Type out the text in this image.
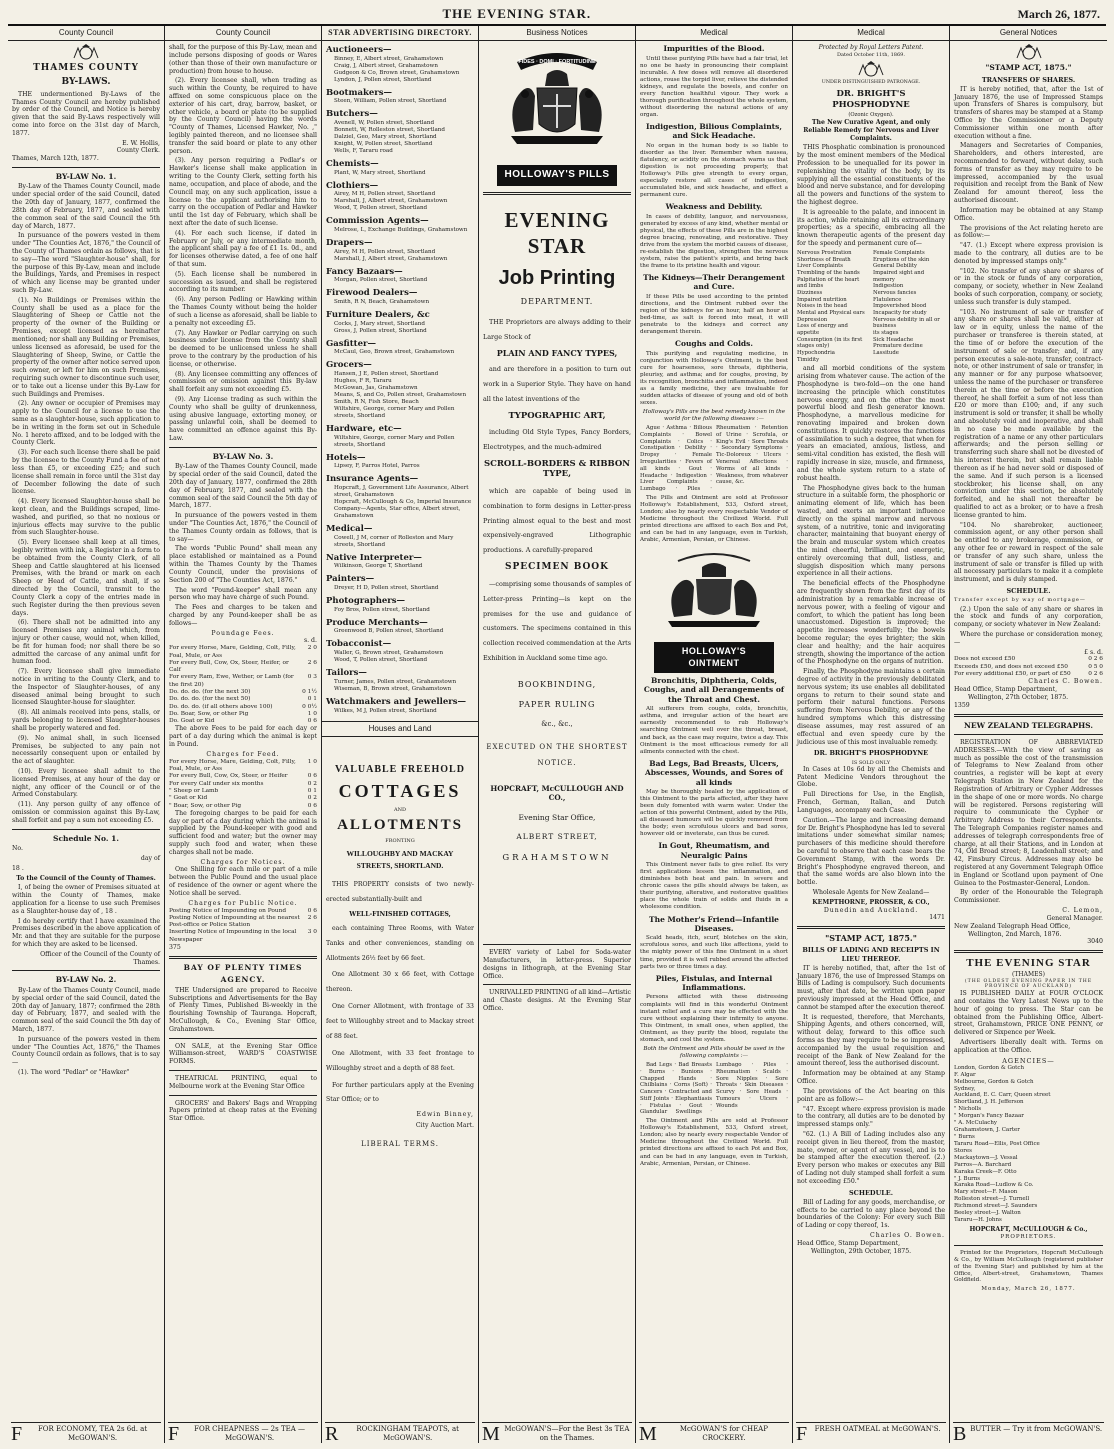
THE EVENING STAR.	March 26, 1877.
County Council
THAMES COUNTY
BY-LAWS.

THE undermentioned By-Laws of the Thames County Council are hereby published by order of the Council, and Notice is hereby given that the said By-Laws respectively will come into force on the 31st day of March, 1877.

E. W. Hollis,
County Clerk.

Thames, March 12th, 1877.

BY-LAW No. 1.

By-Law of the Thames County Council, made under special order of the said Council, dated the 20th day of January, 1877, confirmed the 28th day of February, 1877, and sealed with the common seal of the said Council the 5th day of March, 1877.

In pursuance of the powers vested in them under "The Counties Act, 1876," the Council of the County of Thames ordain as follows, that is to say—The word "Slaughter-house" shall, for the purpose of this By-Law, mean and include the Buildings, Yards, and Premises in respect of which any license may be granted under such By-Law.

(1). No Buildings or Premises within the County shall be used as a place for the Slaughtering of Sheep or Cattle not the property of the owner of the Building or Premises, except licensed as hereinafter mentioned; nor shall any Building or Premises, unless licensed as aforesaid, be used for the Slaughtering of Sheep, Swine, or Cattle the property of the owner after notice served upon such owner, or left for him on such Premises, requiring such owner to discontinue such user, or to take out a license under this By-Law for such Buildings and Premises.

(2). Any owner or occupier of Premises may apply to the Council for a license to use the same as a slaughter-house, such application to be in writing in the form set out in Schedule No. 1 hereto affixed, and to be lodged with the County Clerk.

(3). For each such license there shall be paid by the licensee to the County Fund a fee of not less than £5, or exceeding £25; and such license shall remain in force until the 31st day of December following the date of such license.

(4). Every licensed Slaughter-house shall be kept clean, and the Buildings scraped, lime-washed, and purified, so that no noxious or injurious effects may survive to the public from such Slaughter-house.

(5). Every licensee shall keep at all times, legibly written with ink, a Register in a form to be obtained from the County Clerk, of all Sheep and Cattle slaughtered at his licensed Premises, with the brand or mark on each Sheep or Head of Cattle, and shall, if so directed by the Council, transmit to the County Clerk a copy of the entries made in such Register during the then previous seven days.

(6). There shall not be admitted into any licensed Premises any animal which, from injury or other cause, would not, when killed, be fit for human food; nor shall there be so admitted the carcase of any animal unfit for human food.

(7). Every licensee shall give immediate notice in writing to the County Clerk, and to the Inspector of Slaughter-houses, of any diseased animal being brought to such licensed Slaughter-house for slaughter.

(8). All animals received into pens, stalls, or yards belonging to licensed Slaughter-houses shall be properly watered and fed.

(9). No animal shall, in such licensed Premises, be subjected to any pain not necessarily consequent upon or entailed by the act of slaughter.

(10). Every licensee shall admit to the licensed Premises, at any hour of the day or night, any officer of the Council or of the Armed Constabulary.

(11). Any person guilty of any offence of omission or commission against this By-Law, shall forfeit and pay a sum not exceeding £5.

Schedule No. 1.

No.

day of

18 .

To the Council of the County of Thames.

I, of being the owner of Premises situated at within the County of Thames, make application for a license to use such Premises as a Slaughter-house day of , 18 .

I do hereby certify that I have examined the Premises described in the above application of Mr. and that they are suitable for the purpose for which they are asked to be licensed.

Officer of the Council of the County of Thames.

BY-LAW No. 2.

By-Law of the Thames County Council, made by special order of the said Council, dated the 20th day of January, 1877; confirmed the 28th day of February, 1877, and sealed with the common seal of the said Council the 5th day of March, 1877.

In pursuance of the powers vested in them under "The Counties Act, 1876," the Thames County Council ordain as follows, that is to say—

(1). The word "Pedlar" or "Hawker"

F	FOR ECONOMY, TEA 2s 6d. at McGOWAN'S.
County Council

shall, for the purpose of this By-Law, mean and include persons disposing of goods or Wares (other than those of their own manufacture or production) from house to house.

(2). Every licensee shall, when trading as such within the County, be required to have affixed on some conspicuous place on the exterior of his cart, dray, barrow, basket, or other vehicle, a board or plate (to be supplied by the County Council) having the words "County of Thames, Licensed Hawker, No. ," legibly painted thereon, and no licensee shall transfer the said board or plate to any other person.

(3). Any person requiring a Pedlar's or Hawker's license shall make application in writing to the County Clerk, setting forth his name, occupation, and place of abode, and the Council may, on any such application, issue a license to the applicant authorising him to carry on the occupation of Pedlar and Hawker until the 1st day of February, which shall be next after the date of such license.

(4). For each such license, if dated in February or July, or any intermediate month, the applicant shall pay a fee of £1 1s. 0d., and for licenses otherwise dated, a fee of one half of that sum.

(5). Each license shall be numbered in succession as issued, and shall be registered according to its number.

(6). Any person Pedling or Hawking within the Thames County without being the holder of such a license as aforesaid, shall be liable to a penalty not exceeding £5.

(7). Any Hawker or Pedlar carrying on such business under license from the County shall be deemed to be unlicensed unless he shall prove to the contrary by the production of his license, or otherwise.

(8). Any licensee committing any offences of commission or omission against this By-law shall forfeit any sum not exceeding £5.

(9). Any License trading as such within the County who shall be guilty of drunkenness, using abusive language, extorting money, or passing unlawful coin, shall be deemed to have committed an offence against this By-Law.

BY-LAW No. 3.

By-Law of the Thames County Council, made by special order of the said Council, dated the 20th day of January, 1877, confirmed the 28th day of February, 1877, and sealed with the common seal of the said Council the 5th day of March, 1877.

In pursuance of the powers vested in them under "The Counties Act, 1876," the Council of the Thames County ordain as follows, that is to say—

The words "Public Pound" shall mean any place established or maintained as a Pound within the Thames County by the Thames County Council, under the provisions of Section 200 of "The Counties Act, 1876."

The word "Pound-keeper" shall mean any person who may have charge of such Pound.

The Fees and charges to be taken and charged by any Pound-keeper shall be as follows—

Poundage Fees.
s. d.
For every Horse, Mare, Gelding, Colt, Filly, Foal, Mule, or Ass	2 0
For every Bull, Cow, Ox, Steer, Heifer, or Calf	2 6
For every Ram, Ewe, Wether, or Lamb (for the first 20)	0 3
Do. do. do. (for the next 30)	0 1½
Do. do. do. (for the next 50)	0 1
Do. do. do. (if all others above 100)	0 0½
Do. Boar, Sow, or other Pig	1 0
Do. Goat or Kid	0 6

The above Fees to be paid for each day or part of a day during which the animal is kept in Pound.

Charges for Feed.
For every Horse, Mare, Gelding, Colt, Filly, Foal, Mule, or Ass	1 0
For every Bull, Cow, Ox, Steer, or Heifer	0 6
For every Calf under six months	0 2
" Sheep or Lamb	0 1
" Goat or Kid	0 2
" Boar, Sow, or other Pig	0 6

The foregoing charges to be paid for each day or part of a day during which the animal is supplied by the Pound-keeper with good and sufficient food and water; but the owner may supply such food and water, when these charges shall not be made.

Charges for Notices.

One Shilling for each mile or part of a mile between the Public Pound and the usual place of residence of the owner or agent where the Notice shall be served.

Charges for Public Notice.
Posting Notice of Impounding on Pound	0 6
Posting Notice of Impounding at the nearest Post-office or Police Station	2 6
Inserting Notice of Impounding in the local Newspaper	3 0
375
BAY OF PLENTY TIMES
AGENCY.

THE Undersigned are prepared to Receive Subscriptions and Advertisements for the Bay of Plenty Times, Published Bi-weekly in the flourishing Township of Tauranga. Hopcraft, McCullough, & Co., Evening Star Office, Grahamstown.

ON SALE, at the Evening Star Office Williamson-street, WARD'S COASTWISE FORMS.

THEATRICAL PRINTING, equal to Melbourne work at the Evening Star Office

GROCERS' and Bakers' Bags and Wrapping Papers printed at cheap rates at the Evening Star Office.

F	FOR CHEAPNESS — 2s TEA — McGOWAN'S.
STAR ADVERTISING DIRECTORY.
Auctioneers—
Binney, E, Albert street, Grahamstown
Craig, J, Albert street, Grahamstown
Gudgeon & Co, Brown street, Grahamstown
Lyndon, J, Pollen street, Shortland
Bootmakers—
Steen, William, Pollen street, Shortland
Butchers—
Avenell, W, Pollen street, Shortland
Bonnett, W, Rolleston street, Shortland
Dalziel, Geo, Mary street, Shortland
Knight, W, Pollen street, Shortland
Wells, F, Tararu road
Chemists—
Plant, W, Mary street, Shortland
Clothiers—
Airey, M H, Pollen street, Shortland
Marshall, J, Albert street, Grahamstown
Wood, T, Pollen street, Shortland
Commission Agents—
Melrose, L, Exchange Buildings, Grahamstown
Drapers—
Airey, M H, Pollen street, Shortland
Marshall, J, Albert street, Grahamstown
Fancy Bazaars—
Morgan, Pollen street, Shortland
Firewood Dealers—
Smith, R N, Beach, Grahamstown
Furniture Dealers, &c
Cocks, J, Mary street, Shortland
Gross, J, Pollen street, Shortland
Gasfitter—
McCaul, Geo, Brown street, Grahamstown
Grocers—
Hansen, J E, Pollen street, Shortland
Hughes, F R, Tararu
McGowan, Jas, Grahamstown
Means, S, and Co, Pollen street, Grahamstown
Smith, R N, Fish Store, Beach
Wiltshire, George, corner Mary and Pollen streets, Shortland
Hardware, etc—
Wiltshire, George, corner Mary and Pollen streets, Shortland
Hotels—
Lipsey, F, Parros Hotel, Parros
Insurance Agents—
Hopcraft, J, Government Life Assurance, Albert street, Grahamstown
Hopcraft, McCullough & Co, Imperial Insurance Company—Agents, Star office, Albert street, Grahamstown
Medical—
Cowell, J M, corner of Rolleston and Mary streets, Shortland
Native Interpreter—
Wilkinson, George T, Shortland
Painters—
Dreyer, H D, Pollen street, Shortland
Photographers—
Foy Bros, Pollen street, Shortland
Produce Merchants—
Greenwood B, Pollen street, Shortland
Tobacconist—
Waller, G, Brown street, Grahamstown
Wood, T, Pollen street, Shortland
Tailors—
Turner, James, Pollen street, Grahamstown
Wiseman, B, Brown street, Grahamstown
Watchmakers and Jewellers—
Wilkes, M J, Pollen street, Shortland
Houses and Land
VALUABLE FREEHOLD
COTTAGES
AND
ALLOTMENTS
FRONTING
WILLOUGHBY AND MACKAY
STREETS, SHORTLAND.

THIS PROPERTY consists of two newly-erected substantially-built and

WELL-FINISHED COTTAGES,

each containing Three Rooms, with Water Tanks and other conveniences, standing on Allotments 26½ feet by 66 feet.

One Allotment 30 x 66 feet, with Cottage thereon.

One Corner Allotment, with frontage of 33 feet to Willoughby street and to Mackay street of 88 feet.

One Allotment, with 33 feet frontage to Willoughby street and a depth of 88 feet.

For further particulars apply at the Evening Star Office; or to

Edwin Binney,
City Auction Mart.
LIBERAL TERMS.
R	ROCKINGHAM TEAPOTS, at McGOWAN'S.
Business Notices
FIDES · DOMI · FORTITUDINE
HOLLOWAY'S PILLS
EVENING STAR
Job Printing
DEPARTMENT.

THE Proprietors are always adding to their Large Stock of

PLAIN AND FANCY TYPES,

and are therefore in a position to turn out work in a Superior Style. They have on hand all the latest inventions of the

TYPOGRAPHIC ART,

including Old Style Types, Fancy Borders, Electrotypes, and the much-admired

SCROLL-BORDERS & RIBBON TYPE,

which are capable of being used in combination to form designs in Letter-press Printing almost equal to the best and most expensively-engraved Lithographic productions. A carefully-prepared

SPECIMEN BOOK

—comprising some thousands of samples of Letter-press Printing—is kept on the premises for the use and guidance of customers. The specimens contained in this collection received commendation at the Arts Exhibition in Auckland some time ago.

BOOKBINDING,
PAPER RULING
&c., &c.,
EXECUTED ON THE SHORTEST
NOTICE.
HOPCRAFT, McCULLOUGH AND CO.,
Evening Star Office,
ALBERT STREET,
GRAHAMSTOWN

EVERY variety of Label for Soda-water Manufacturers, in letter-press. Superior designs in lithograph, at the Evening Star Office.

UNRIVALLED PRINTING of all kind—Artistic and Chaste designs. At the Evening Star Office.

M McGOWAN'S—For the Best 3s TEA on the Thames.
Medical
Impurities of the Blood.

Until these purifying Pills have had a fair trial, let no one be hasty in pronouncing their complaint incurable. A few doses will remove all disordered actions, rouse the torpid liver, relieve the distended kidneys, and regulate the bowels, and confer on every function healthful vigour. They work a thorough purification throughout the whole system, without disordering the natural actions of any organ.

Indigestion, Bilious Complaints, and Sick Headache.

No organ in the human body is so liable to disorder as the liver. Remember when nausea, flatulency, or acidity on the stomach warns us that digestion is not proceeding properly, that Holloway's Pills give strength to every organ, especially restore all cases of indigestion, accumulated bile, and sick headache, and effect a permanent cure.

Weakness and Debility.

In cases of debility, languor, and nervousness, generated by excess of any kind, whether mental or physical, the effects of these Pills are in the highest degree bracing, renovating, and restorative. They drive from the system the morbid causes of disease, re-establish the digestion, strengthen the nervous system, raise the patient's spirits, and bring back the frame to its pristine health and vigour.

The Kidneys—Their Derangement and Cure.

If these Pills be used according to the printed directions, and the Ointment rubbed over the region of the kidneys for an hour, half an hour at bed-time, as salt is forced into meat, it will penetrate to the kidneys and correct any derangement therein.

Coughs and Colds.

This purifying and regulating medicine, in conjunction with Holloway's Ointment, is the best cure for hoarseness, sore throats, diphtheria, pleurisy, and asthma; and for coughs, proving, by its recognition, bronchitis and inflammation, indeed as a family medicine, they are invaluable for sudden attacks of disease of young and old of both sexes.

Holloway's Pills are the best remedy known in the world for the following diseases :—

Ague · Asthma · Bilious Complaints · Bowel Complaints · Colics · Constipation · Debility · Dropsy · Female Irregularities · Fevers of all kinds · Gout · Headache · Indigestion · Liver Complaints · Lumbago · Piles · Rheumatism · Retention of Urine · Scrofula, or King's Evil · Sore Throats · Secondary Symptoms · Tic-Doloreux · Ulcers · Venereal Affections · Worms of all kinds · Weakness, from whatever cause, &c.

The Pills and Ointment are sold at Professor Holloway's Establishment, 533, Oxford street, London; also by nearly every respectable Vendor of Medicine throughout the Civilized World. Full printed directions are affixed to each Box and Pot, and can be had in any language, even in Turkish, Arabic, Armenian, Persian, or Chinese.

HOLLOWAY'S OINTMENT
Bronchitis, Diphtheria, Colds, Coughs, and all Derangements of the Throat and Chest.

All sufferers from coughs, colds, bronchitis, asthma, and irregular action of the heart are earnestly recommended to rub Holloway's searching Ointment well over the throat, breast, and back, as the case may require, twice a day. This Ointment is the most efficacious remedy for all ailments connected with the chest.

Bad Legs, Bad Breasts, Ulcers, Abscesses, Wounds, and Sores of all kinds

May be thoroughly healed by the application of this Ointment to the parts affected, after they have been duly fomented with warm water. Under the action of this powerful Ointment, aided by the Pills, all diseased humours will be quickly removed from the body; even scrofulous ulcers and bad sores, however old or inveterate, can thus be cured.

In Gout, Rheumatism, and Neuralgic Pains

This Ointment never fails to give relief. Its very first applications lessen the inflammation, and diminishes both heat and pain. In severe and chronic cases the pills should always be taken, as their purifying, alterative, and restorative qualities place the whole train of solids and fluids in a wholesome condition.

The Mother's Friend—Infantile Diseases.

Scald heads, itch, scurf, blotches on the skin, scrofulous sores, and such like affections, yield to the mighty power of this fine Ointment in a short time, provided it is well rubbed around the affected parts two or three times a day.

Piles, Fistulas, and Internal Inflammations.

Persons afflicted with these distressing complaints will find in this wonderful Ointment instant relief and a cure may be effected with the cure without explaining their infirmity to anyone. This Ointment, in small ones, when applied, the Ointment, as they purify the blood, regulate the stomach, and cool the system.

Both the Ointment and Pills should be used in the following complaints :—

Bad Legs · Bad Breasts · Burns · Bunions · Chapped Hands · Chilblains · Corns (Soft) · Cancers · Contracted and Stiff Joints · Elephantiasis · Fistulas · Gout · Glandular Swellings · Lumbago · Piles · Rheumatism · Scalds · Sore Nipples · Sore Throats · Skin Diseases · Scurvy · Sore Heads · Tumours · Ulcers · Wounds

The Ointment and Pills are sold at Professor Holloway's Establishment, 533, Oxford street, London; also by nearly every respectable Vendor of Medicine throughout the Civilized World. Full printed directions are affixed to each Pot and Box, and can be had in any language, even in Turkish, Arabic, Armenian, Persian, or Chinese.

M	McGOWAN'S for CHEAP CROCKERY.
Medical
Protected by Royal Letters Patent.
Dated October 11th, 1869.
UNDER DISTINGUISHED PATRONAGE.
DR. BRIGHT'S PHOSPHODYNE
(Ozonic Oxygen).

The New Curative Agent, and only Reliable Remedy for Nervous and Liver Complaints.

THIS Phosphatic combination is pronounced by the most eminent members of the Medical Profession to be unequalled for its power in replenishing the vitality of the body, by its supplying all the essential constituents of the blood and nerve substance, and for developing all the powers and functions of the system to the highest degree.

It is agreeable to the palate, and innocent in its action, while retaining all its extraordinary properties; as a specific, embracing all the known therapeutic agents of the present day for the speedy and permanent cure of—

Nervous Prostration
Shortness of Breath
Liver Complaints
Trembling of the hands
Palpitation of the heart
and limbs
Dizziness
Impaired nutrition
Noises in the head
Mental and Physical ears
Depression
Loss of energy and appetite
Consumption (in its first stages only)
Hypochondria
Timidity
Female Complaints
Eruptions of the skin
General Debility
Impaired sight and memory
Indigestion
Nervous fancies
Flatulence
Impoverished blood
Incapacity for study
Nervous debility in all or business
its stages
Sick Headache
Premature decline
Lassitude

and all morbid conditions of the system arising from whatever cause. The action of the Phosphodyne is two-fold—on the one hand increasing the principle which constitutes nervous energy, and on the other the most powerful blood and flesh generator known. Phosphodyne, a marvellous medicine for renovating impaired and broken down constitutions. It quickly restores the functions of assimilation to such a degree, that when for years an emaciated, anxious, listless, and semi-vital condition has existed, the flesh will rapidly increase in size, muscle, and firmness, and the whole system return to a state of robust health.

The Phosphodyne gives back to the human structure in a suitable form, the phosphoric or animating element of life, which has been wasted, and exerts an important influence directly on the spinal marrow and nervous system, of a nutritive, tonic and invigorating character, maintaining that buoyant energy of the brain and muscular system which creates the mind cheerful, brilliant, and energetic, entirely overcoming that dull, listless, and sluggish disposition which many persons experience in all their actions.

The beneficial effects of the Phosphodyne are frequently shown from the first day of its administration by a remarkable increase of nervous power, with a feeling of vigour and comfort, to which the patient has long been unaccustomed. Digestion is improved; the appetite increases wonderfully; the bowels become regular; the eyes brighter; the skin clear and healthy; and the hair acquires strength, showing the importance of the action of the Phosphodyne on the organs of nutrition.

Finally, the Phosphodyne maintains a certain degree of activity in the previously debilitated nervous system; its use enables all debilitated organs to return to their sound state and perform their natural functions. Persons suffering from Nervous Debility, or any of the hundred symptoms which this distressing disease assumes, may rest assured of an effectual and even speedy cure by the judicious use of this most invaluable remedy.

DR. BRIGHT'S PHOSPHODYNE
IS SOLD ONLY

In Cases at 10s 6d by all the Chemists and Patent Medicine Vendors throughout the Globe.

Full Directions for Use, in the English, French, German, Italian, and Dutch Languages, accompany each Case.

Caution.—The large and increasing demand for Dr. Bright's Phosphodyne has led to several imitations under somewhat similar names; purchasers of this medicine should therefore be careful to observe that each case bears the Government Stamp, with the words Dr. Bright's Phosphodyne engraved thereon, and that the same words are also blown into the bottle.

Wholesale Agents for New Zealand—

KEMPTHORNE, PROSSER, & CO.,
Dunedin and Auckland.
1471
"STAMP ACT, 1875."
BILLS OF LADING AND RECEIPTS IN LIEU THEREOF.

IT is hereby notified, that, after the 1st of January 1876, the use of Impressed Stamps on Bills of Lading is compulsory. Such documents must, after that date, be written upon paper previously impressed at the Head Office, and cannot be stamped after the execution thereof.

It is requested, therefore, that Merchants, Shipping Agents, and others concerned, will, without delay, forward to this office such forms as they may require to be so impressed, accompanied by the usual requisition and receipt of the Bank of New Zealand for the amount thereof, less the authorised discount.

Information may be obtained at any Stamp Office.

The provisions of the Act bearing on this point are as follow:—

"47. Except where express provision is made to the contrary, all duties are to be denoted by impressed stamps only."

"62. (1.) A Bill of Lading includes also any receipt given in lieu thereof, from the master, mate, owner, or agent of any vessel, and is to be stamped after the execution thereof. (2.) Every person who makes or executes any Bill of Lading not duly stamped shall forfeit a sum not exceeding £50."

SCHEDULE.

Bill of Lading for any goods, merchandise, or effects to be carried to any place beyond the boundaries of the Colony: For every such Bill of Lading or copy thereof, 1s.

Charles O. Bowen.
Head Office, Stamp Department,
Wellington, 29th October, 1875.
F	FRESH OATMEAL at McGOWAN'S.
General Notices
"STAMP ACT, 1875."
TRANSFERS OF SHARES.

IT is hereby notified, that, after the 1st of January 1876, the use of Impressed Stamps upon Transfers of Shares is compulsory, but transfers of shares may be stamped at a Stamp Office by the Commissioner or a Deputy Commissioner within one month after execution without a fine.

Managers and Secretaries of Companies, Shareholders, and others interested, are recommended to forward, without delay, such forms of transfer as they may require to be impressed, accompanied by the usual requisition and receipt from the Bank of New Zealand for amount thereof, less the authorised discount.

Information may be obtained at any Stamp Office.

The provisions of the Act relating hereto are as follow:—

"47. (1.) Except where express provision is made to the contrary, all duties are to be denoted by impressed stamps only."

"102. No transfer of any share or shares of or in the stock or funds of any corporation, company, or society, whether in New Zealand books of such corporation, company, or society, unless such transfer is duly stamped.

"103. No instrument of sale or transfer of any share or shares shall be valid, either at law or in equity, unless the name of the purchaser or transferee is therein stated, at the time of or before the execution of the instrument of sale or transfer; and, if any person executes a sale-note, transfer, contract-note, or other instrument of sale or transfer, in any manner or for any purpose whatsoever, unless the name of the purchaser or transferee therein at the time or before the execution thereof, he shall forfeit a sum of not less than £20 or more than £100; and, if any such instrument is sold or transfer, it shall be wholly and absolutely void and inoperative, and shall in no case be made available by the registration of a name or any other particulars afterwards; and the person selling or transferring such share shall not be divested of his interest therein, but shall remain liable thereon as if he had never sold or disposed of the same. And if such person is a licensed stockbroker, his license shall, on any conviction under this section, be absolutely forfeited, and he shall not thereafter be qualified to act as a broker, or to have a fresh license granted to him.

"104. No sharebroker, auctioneer, commission agent, or any other person shall be entitled to any brokerage, commission, or any other fee or reward in respect of the sale or transfer of any such share, unless the instrument of sale or transfer is filled up with all necessary particulars to make it a complete instrument, and is duly stamped.

SCHEDULE.

Transfer except by way of mortgage—

(2.) Upon the sale of any share or shares in the stock and funds of any corporation, company, or society whatever in New Zealand:

Where the purchase or consideration money,—

£ s. d.
Does not exceed £50	0 2 6
Exceeds £50, and does not exceed £50	0 5 0
For every additional £50, or part of £50	0 2 6
Charles C. Bowen.
Head Office, Stamp Department,
Wellington, 27th October, 1875.
1359
NEW ZEALAND TELEGRAPHS.

REGISTRATION OF ABBREVIATED ADDRESSES.—With the view of saving as much as possible the cost of the transmission of Telegrams to New Zealand from other countries, a register will be kept at every Telegraph Station in New Zealand for the Registration of Arbitrary or Cypher Addresses in the shape of one or more words. No charge will be registered. Persons registering will require to communicate the Cypher or Arbitrary Address to their Correspondents. The Telegraph Companies register names and addresses of telegraph correspondents free of charge, at all their Stations, and in London at 74, Old Broad street; 8, Leadenhall street; and 42, Finsbury Circus. Addresses may also be registered at any Government Telegraph Office in England or Scotland upon payment of One Guinea to the Postmaster-General, London.

By order of the Honourable the Telegraph Commissioner.

C. Lemon,
General Manager.
New Zealand Telegraph Head Office,
Wellington, 2nd March, 1876.
3040
THE EVENING STAR
(THAMES)
(THE OLDEST EVENING PAPER IN THE PROVINCE OF AUCKLAND)

IS PUBLISHED DAILY at FOUR O'CLOCK and contains the Very Latest News up to the hour of going to press. The Star can be obtained from the Publishing Office, Albert-street, Grahamstown, PRICE ONE PENNY, or delivered or Sixpence per Week.

Advertisers liberally dealt with. Terms on application at the Office.

AGENCIES—
London, Gordon & Gotch
F. Algar
Melbourne, Gordon & Gotch
Sydney,
Auckland, E. C. Carr, Queen street
Shortland, J. H. Jefferson
" Nicholls
" Morgan's Fancy Bazaar
" A. McCulachy
Grahamstown, J. Carter
" Burns
Tararu Road—Ellis, Post Office
Stores
Mackaytown—J. Vessal
Parros—A. Barchard
Karaka Creek—F. Otto
" J. Burns
Karaka Road—Ludlow & Co.
Mary street—F. Mason
Rolleston street—J. Turnell
Richmond street—J. Saunders
Beeley street—J. Walton
Tararu—H. Johns
HOPCRAFT, McCULLOUGH & Co.,
PROPRIETORS.

Printed for the Proprietors, Hopcraft McCullough & Co., by William McCullough (registered publisher of the Evening Star) and published by him at the Office, Albert-street, Grahamstown, Thames Goldfield.

Monday, March 26, 1877.
B BUTTER — Try it from McGOWAN'S.
